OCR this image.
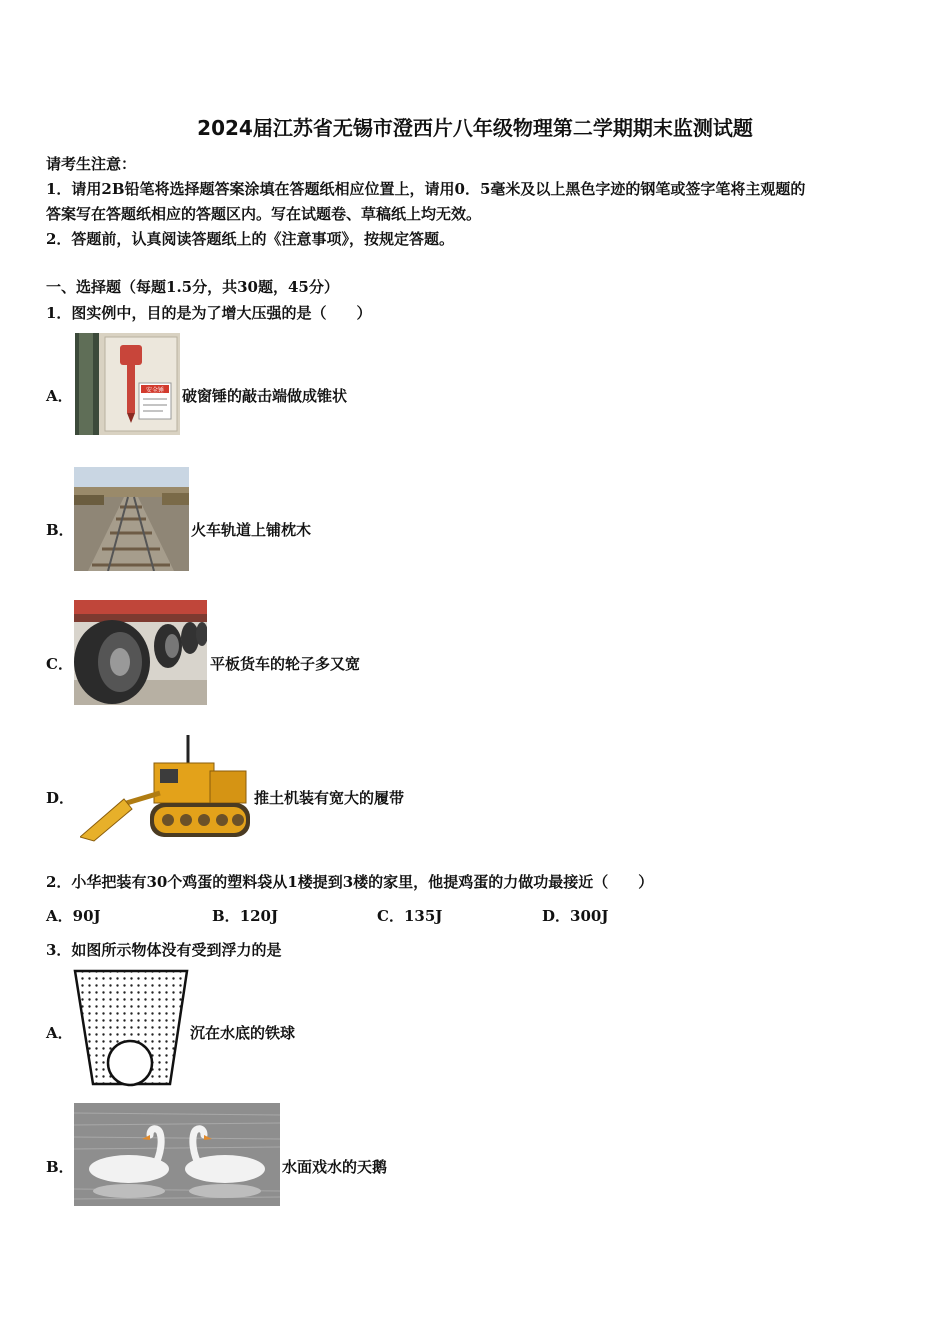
2024届江苏省无锡市澄西片八年级物理第二学期期末监测试题
请考生注意：
1．请用2B铅笔将选择题答案涂填在答题纸相应位置上，请用0．5毫米及以上黑色字迹的钢笔或签字笔将主观题的
答案写在答题纸相应的答题区内。写在试题卷、草稿纸上均无效。
2．答题前，认真阅读答题纸上的《注意事项》，按规定答题。
一、选择题（每题1.5分，共30题，45分）
1．图实例中，目的是为了增大压强的是（　　）
A．	安全锤 破窗锤的敲击端做成锥状
B．	火车轨道上铺枕木
C．	平板货车的轮子多又宽
D．	推土机装有宽大的履带
2．小华把装有30个鸡蛋的塑料袋从1楼提到3楼的家里，他提鸡蛋的力做功最接近（　　）
A．90J	B．120J	C．135J	D．300J
3．如图所示物体没有受到浮力的是
A．	沉在水底的铁球
B．	水面戏水的天鹅
